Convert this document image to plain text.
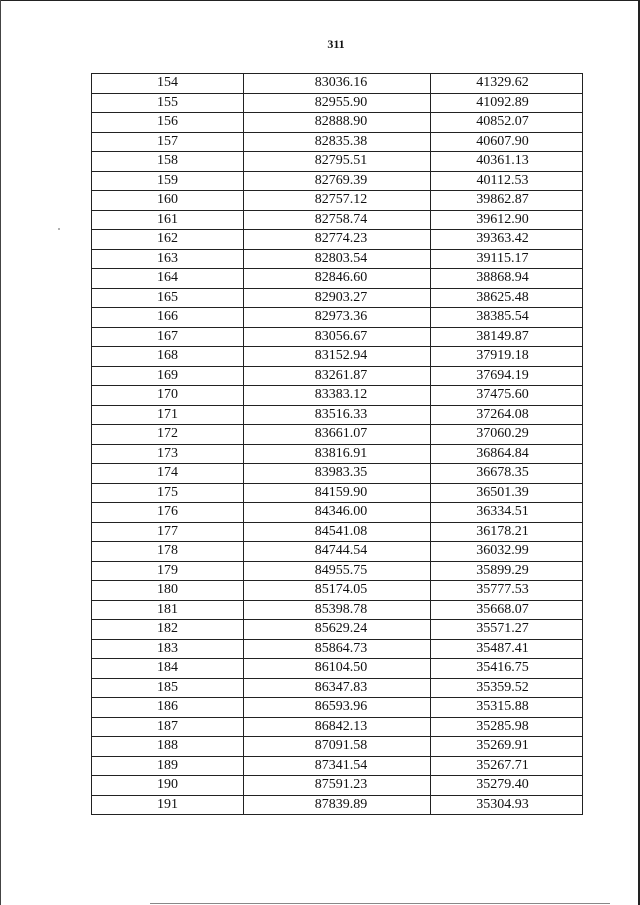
311
154	83036.16	41329.62
155	82955.90	41092.89
156	82888.90	40852.07
157	82835.38	40607.90
158	82795.51	40361.13
159	82769.39	40112.53
160	82757.12	39862.87
161	82758.74	39612.90
162	82774.23	39363.42
163	82803.54	39115.17
164	82846.60	38868.94
165	82903.27	38625.48
166	82973.36	38385.54
167	83056.67	38149.87
168	83152.94	37919.18
169	83261.87	37694.19
170	83383.12	37475.60
171	83516.33	37264.08
172	83661.07	37060.29
173	83816.91	36864.84
174	83983.35	36678.35
175	84159.90	36501.39
176	84346.00	36334.51
177	84541.08	36178.21
178	84744.54	36032.99
179	84955.75	35899.29
180	85174.05	35777.53
181	85398.78	35668.07
182	85629.24	35571.27
183	85864.73	35487.41
184	86104.50	35416.75
185	86347.83	35359.52
186	86593.96	35315.88
187	86842.13	35285.98
188	87091.58	35269.91
189	87341.54	35267.71
190	87591.23	35279.40
191	87839.89	35304.93
